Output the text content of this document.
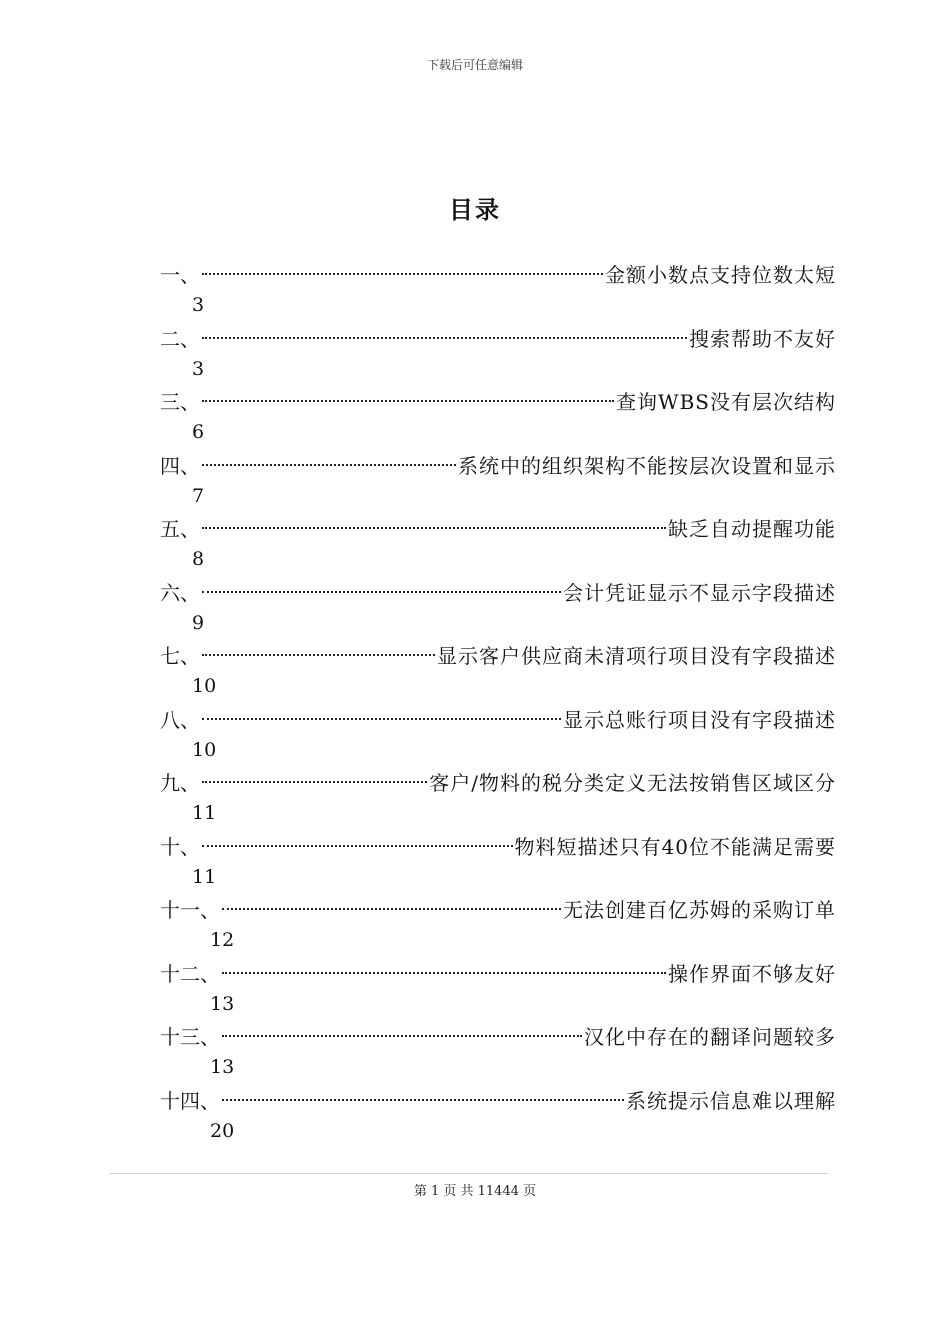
下载后可任意编辑
目录
一、	金额小数点支持位数太短
3
二、	搜索帮助不友好
3
三、	查询WBS没有层次结构
6
四、	系统中的组织架构不能按层次设置和显示
7
五、	缺乏自动提醒功能
8
六、	会计凭证显示不显示字段描述
9
七、	显示客户供应商未清项行项目没有字段描述
10
八、	显示总账行项目没有字段描述
10
九、	客户/物料的税分类定义无法按销售区域区分
11
十、	物料短描述只有40位不能满足需要
11
十一、	无法创建百亿苏姆的采购订单
12
十二、	操作界面不够友好
13
十三、	汉化中存在的翻译问题较多
13
十四、	系统提示信息难以理解
20
第 1 页 共 11444 页
